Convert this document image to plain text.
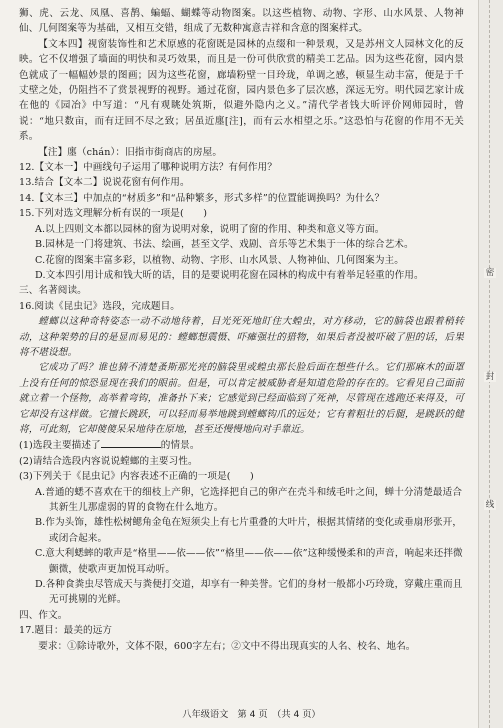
密
封
线

狮、虎、云龙、凤凰、喜鹊、蝙蝠、蝴蝶等动物图案。以这些植物、动物、字形、山水风景、人物神仙、几何图案等为基础，又相互交错，组成了无数种寓意吉祥和含意的图案样式。

【文本四】视窗装饰性和艺术原感的花窗既是园林的点缀和一种景观，又是苏州文人园林文化的反映。它不仅增强了墙面的明快和灵巧效果，而且是一份可供欣赏的精美工艺品。因为这些花窗，园内景色就成了一幅幅妙景的图画；因为这些花窗，廊墙粉壁一目玲珑，单调之感，顿显生动丰富，便是于千丈壁之处，仍阻挡不了赏景视野的视野。通过花窗，园内景色多了层次感，深远无穷。明代园艺家计成在他的《园冶》中写道：“凡有观眺处筑斯，似避外隐内之义。”清代学者钱大昕评价网师园时，曾说：“地只数亩，而有迂回不尽之致；居虽近廛[注]，而有云水相望之乐。”这恐怕与花窗的作用不无关系。

【注】廛（chán）：旧指市街商店的房屋。

12.【文本一】中画线句子运用了哪种说明方法？有何作用？

13.结合【文本二】说说花窗有何作用。

14.【文本三】中加点的“材质多”和“品种繁多，形式多样”的位置能调换吗？为什么？

15.下列对选文理解分析有误的一项是(　　)

A.以上四则文本都以园林的窗为说明对象，说明了窗的作用、种类和意义等方面。

B.园林是一门将建筑、书法、绘画，甚至文学、戏剧、音乐等艺术集于一体的综合艺术。

C.花窗的图案丰富多彩，以植物、动物、字形、山水风景、人物神仙、几何图案为主。

D.文本四引用计成和钱大昕的话，目的是要说明花窗在园林的构成中有着举足轻重的作用。

三、名著阅读。

16.阅读《昆虫记》选段，完成题目。

螳螂以这种奇特姿态一动不动地待着，目光死死地盯住大蝗虫，对方移动，它的脑袋也跟着稍转动，这种架势的目的是显而易见的：螳螂想震慑、吓瘫强壮的猎物，如果后者没被吓破了胆的话，后果将不堪设想。

它成功了吗？谁也猜不清楚蚤斯那光亮的脑袋里或蝗虫那长脸后面在想些什么。它们那麻木的面罩上没有任何的惊恐显现在我们的眼前。但是，可以肯定被威胁者是知道危险的存在的。它看见自己面前就立着一个怪物，高举着弯钩，准备扑下来；它感觉到已经面临到了死神，尽管现在逃跑还来得及，可它却没有这样做。它擅长跳跃，可以轻而易举地跳到螳螂钩爪的远处；它有着粗壮的后腿，是跳跃的健将，可此刻，它却傻傻呆呆地待在原地，甚至还慢慢地向对手靠近。

(1)选段主要描述了	的情景。

(2)请结合选段内容说说螳螂的主要习性。

(3)下列关于《昆虫记》内容表述不正确的一项是(　　)

A.普通的蟋不喜欢在干的细枝上产卵，它选择把自己的卵产在壳斗和绒毛叶之间，蝉十分清楚最适合其新生儿那虚弱的胃的食物在什么地方。

B.作为头饰，雄性松树鳃角金龟在短须尖上有七片重叠的大叶片，根据其情绪的变化或垂扇形张开，或闭合起来。

C.意大利蟋蟀的歌声是“格里——依——依”“格里——依——依”这种缓慢柔和的声音，响起来还拌微颤微，使歌声更加悦耳动听。

D.各种食粪虫尽管成天与粪便打交道，却享有一种美誉。它们的身材一般都小巧玲珑，穿戴庄重而且无可挑剔的光鲜。

四、作文。

17.题目：最美的远方

要求：①除诗歌外，文体不限，600字左右；②文中不得出现真实的人名、校名、地名。

八年级语文　第 4 页　（共 4 页）
